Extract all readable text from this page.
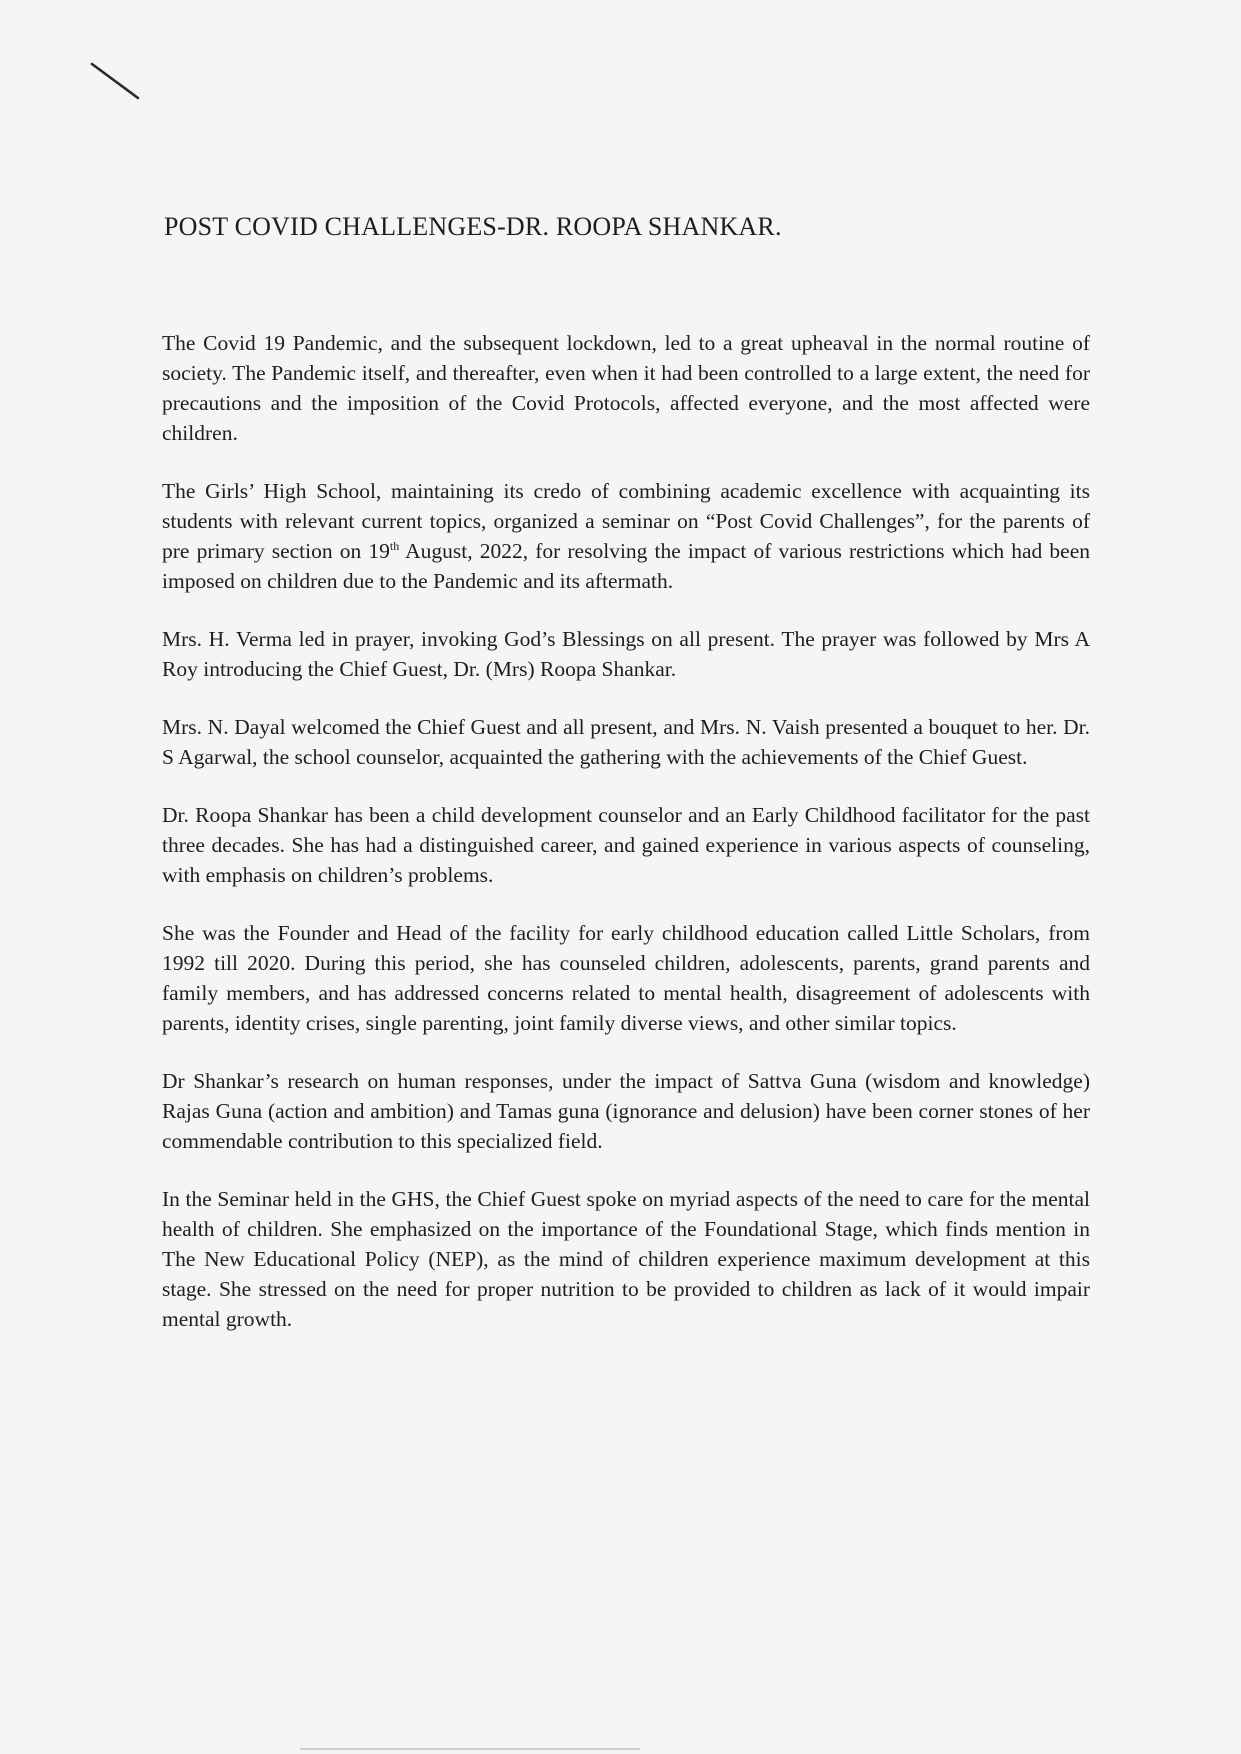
POST COVID CHALLENGES-DR. ROOPA SHANKAR.

The Covid 19 Pandemic, and the subsequent lockdown, led to a great upheaval in the normal routine of society. The Pandemic itself, and thereafter, even when it had been controlled to a large extent, the need for precautions and the imposition of the Covid Protocols, affected everyone, and the most affected were children.

The Girls’ High School, maintaining its credo of combining academic excellence with acquainting its students with relevant current topics, organized a seminar on “Post Covid Challenges”, for the parents of pre primary section on 19th August, 2022, for resolving the impact of various restrictions which had been imposed on children due to the Pandemic and its aftermath.

Mrs. H. Verma led in prayer, invoking God’s Blessings on all present. The prayer was followed by Mrs A Roy introducing the Chief Guest, Dr. (Mrs) Roopa Shankar.

Mrs. N. Dayal welcomed the Chief Guest and all present, and Mrs. N. Vaish presented a bouquet to her. Dr. S Agarwal, the school counselor, acquainted the gathering with the achievements of the Chief Guest.

Dr. Roopa Shankar has been a child development counselor and an Early Childhood facilitator for the past three decades. She has had a distinguished career, and gained experience in various aspects of counseling, with emphasis on children’s problems.

She was the Founder and Head of the facility for early childhood education called Little Scholars, from 1992 till 2020. During this period, she has counseled children, adolescents, parents, grand parents and family members, and has addressed concerns related to mental health, disagreement of adolescents with parents, identity crises, single parenting, joint family diverse views, and other similar topics.

Dr Shankar’s research on human responses, under the impact of Sattva Guna (wisdom and knowledge) Rajas Guna (action and ambition) and Tamas guna (ignorance and delusion) have been corner stones of her commendable contribution to this specialized field.

In the Seminar held in the GHS, the Chief Guest spoke on myriad aspects of the need to care for the mental health of children. She emphasized on the importance of the Foundational Stage, which finds mention in The New Educational Policy (NEP), as the mind of children experience maximum development at this stage. She stressed on the need for proper nutrition to be provided to children as lack of it would impair mental growth.
